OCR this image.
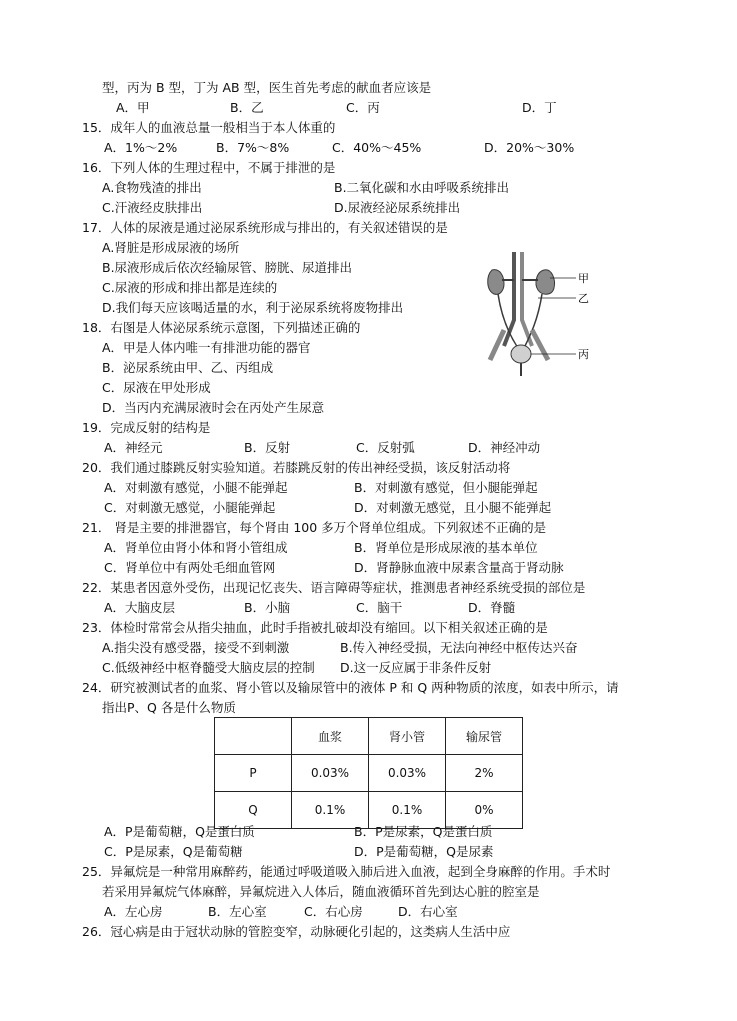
型，丙为 B 型，丁为 AB 型，医生首先考虑的献血者应该是
15．成年人的血液总量一般相当于本人体重的
16．下列人体的生理过程中，不属于排泄的是
17．人体的尿液是通过泌尿系统形成与排出的，有关叙述错误的是
A.肾脏是形成尿液的场所
B.尿液形成后依次经输尿管、膀胱、尿道排出
C.尿液的形成和排出都是连续的
D.我们每天应该喝适量的水，利于泌尿系统将废物排出
18．右图是人体泌尿系统示意图，下列描述正确的
A．甲是人体内唯一有排泄功能的器官
B．泌尿系统由甲、乙、丙组成
C．尿液在甲处形成
D．当丙内充满尿液时会在丙处产生尿意
19．完成反射的结构是
20．我们通过膝跳反射实验知道。若膝跳反射的传出神经受损，该反射活动将
21． 肾是主要的排泄器官，每个肾由 100 多万个肾单位组成。下列叙述不正确的是
22．某患者因意外受伤，出现记忆丧失、语言障碍等症状，推测患者神经系统受损的部位是
23．体检时常常会从指尖抽血，此时手指被扎破却没有缩回。以下相关叙述正确的是
24．研究被测试者的血浆、肾小管以及输尿管中的液体 P 和 Q 两种物质的浓度，如表中所示，请
指出P、Q 各是什么物质
25．异氟烷是一种常用麻醉药，能通过呼吸道吸入肺后进入血液，起到全身麻醉的作用。手术时
若采用异氟烷气体麻醉，异氟烷进入人体后，随血液循环首先到达心脏的腔室是
26．冠心病是由于冠状动脉的管腔变窄，动脉硬化引起的，这类病人生活中应
A．甲	B．乙	C．丙	D．丁
A．1%～2%	B．7%～8%	C．40%～45%	D．20%～30%
A.食物残渣的排出	B.二氧化碳和水由呼吸系统排出
C.汗液经皮肤排出	D.尿液经泌尿系统排出
A．神经元	B．反射	C．反射弧	D．神经冲动
A．对刺激有感觉，小腿不能弹起	B．对刺激有感觉，但小腿能弹起
C．对刺激无感觉，小腿能弹起	D．对刺激无感觉，且小腿不能弹起
A．肾单位由肾小体和肾小管组成	B．肾单位是形成尿液的基本单位
C．肾单位中有两处毛细血管网	D．肾静脉血液中尿素含量高于肾动脉
A．大脑皮层	B．小脑	C．脑干	D．脊髓
A.指尖没有感受器，接受不到刺激	B.传入神经受损，无法向神经中枢传达兴奋
C.低级神经中枢脊髓受大脑皮层的控制 D.这一反应属于非条件反射
A．P是葡萄糖，Q是蛋白质	B．P是尿素，Q是蛋白质
C．P是尿素，Q是葡萄糖	D．P是葡萄糖，Q是尿素
A．左心房	B．左心室	C．右心房	D．右心室
	血浆	肾小管	输尿管
P	0.03%	0.03%	2%
Q	0.1%	0.1%	0%
甲
乙
丙
